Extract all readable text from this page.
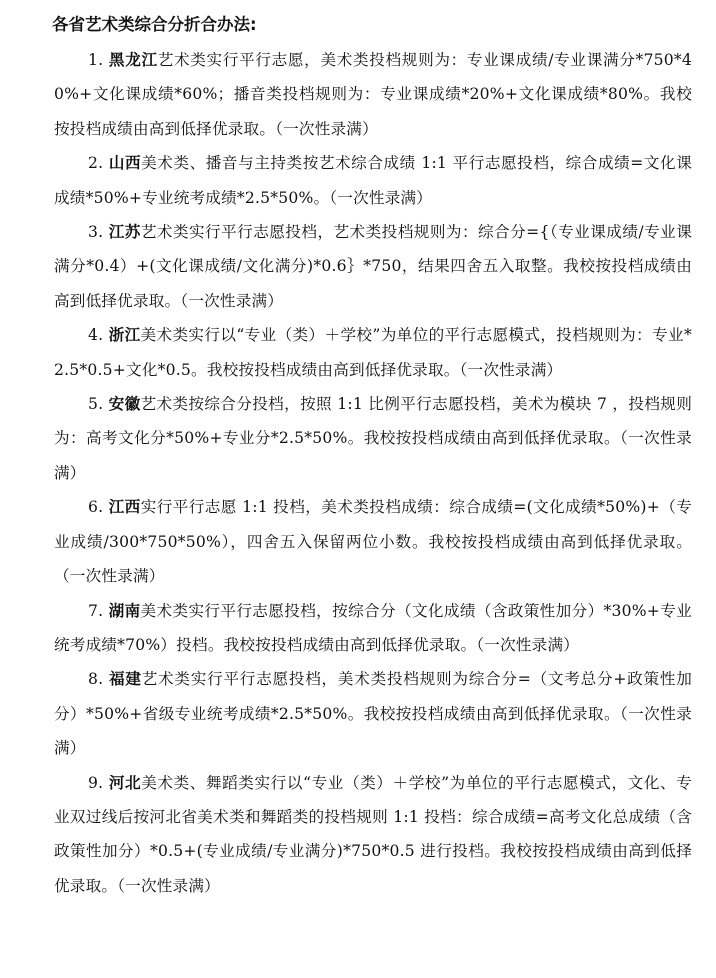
各省艺术类综合分折合办法:

1. 黑龙江艺术类实行平行志愿，美术类投档规则为：专业课成绩/专业课满分*750*40%+文化课成绩*60%；播音类投档规则为：专业课成绩*20%+文化课成绩*80%。我校按投档成绩由高到低择优录取。（一次性录满）

2. 山西美术类、播音与主持类按艺术综合成绩 1:1 平行志愿投档，综合成绩=文化课成绩*50%+专业统考成绩*2.5*50%。（一次性录满）

3. 江苏艺术类实行平行志愿投档，艺术类投档规则为：综合分={（专业课成绩/专业课满分*0.4）+(文化课成绩/文化满分)*0.6｝*750，结果四舍五入取整。我校按投档成绩由高到低择优录取。（一次性录满）

4. 浙江美术类实行以“专业（类）＋学校”为单位的平行志愿模式，投档规则为：专业*2.5*0.5+文化*0.5。我校按投档成绩由高到低择优录取。（一次性录满）

5. 安徽艺术类按综合分投档，按照 1:1 比例平行志愿投档，美术为模块 7 ，投档规则为：高考文化分*50%+专业分*2.5*50%。我校按投档成绩由高到低择优录取。（一次性录满）

6. 江西实行平行志愿 1:1 投档，美术类投档成绩：综合成绩=(文化成绩*50%)+（专业成绩/300*750*50%），四舍五入保留两位小数。我校按投档成绩由高到低择优录取。（一次性录满）

7. 湖南美术类实行平行志愿投档，按综合分（文化成绩（含政策性加分）*30%+专业统考成绩*70%）投档。我校按投档成绩由高到低择优录取。（一次性录满）

8. 福建艺术类实行平行志愿投档，美术类投档规则为综合分=（文考总分+政策性加分）*50%+省级专业统考成绩*2.5*50%。我校按投档成绩由高到低择优录取。（一次性录满）

9. 河北美术类、舞蹈类实行以“专业（类）＋学校”为单位的平行志愿模式，文化、专业双过线后按河北省美术类和舞蹈类的投档规则 1:1 投档：综合成绩=高考文化总成绩（含政策性加分）*0.5+(专业成绩/专业满分)*750*0.5 进行投档。我校按投档成绩由高到低择优录取。（一次性录满）
